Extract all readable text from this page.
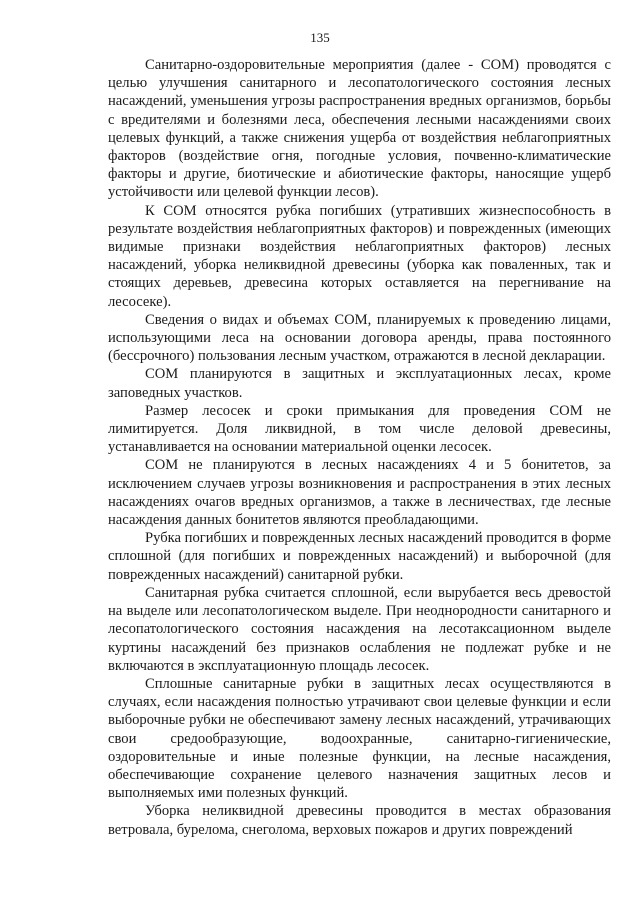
135

Санитарно-оздоровительные мероприятия (далее - СОМ) проводятся с целью улучшения санитарного и лесопатологического состояния лесных насаждений, уменьшения угрозы распространения вредных организмов, борьбы с вредителями и болезнями леса, обеспечения лесными насаждениями своих целевых функций, а также снижения ущерба от воздействия неблагоприятных факторов (воздействие огня, погодные условия, почвенно-климатические факторы и другие, биотические и абиотические факторы, наносящие ущерб устойчивости или целевой функции лесов).

К СОМ относятся рубка погибших (утративших жизнеспособность в результате воздействия неблагоприятных факторов) и поврежденных (имеющих видимые признаки воздействия неблагоприятных факторов) лесных насаждений, уборка неликвидной древесины (уборка как поваленных, так и стоящих деревьев, древесина которых оставляется на перегнивание на лесосеке).

Сведения о видах и объемах СОМ, планируемых к проведению лицами, использующими леса на основании договора аренды, права постоянного (бессрочного) пользования лесным участком, отражаются в лесной декларации.

СОМ планируются в защитных и эксплуатационных лесах, кроме заповедных участков.

Размер лесосек и сроки примыкания для проведения СОМ не лимитируется. Доля ликвидной, в том числе деловой древесины, устанавливается на основании материальной оценки лесосек.

СОМ не планируются в лесных насаждениях 4 и 5 бонитетов, за исключением случаев угрозы возникновения и распространения в этих лесных насаждениях очагов вредных организмов, а также в лесничествах, где лесные насаждения данных бонитетов являются преобладающими.

Рубка погибших и поврежденных лесных насаждений проводится в форме сплошной (для погибших и поврежденных насаждений) и выборочной (для поврежденных насаждений) санитарной рубки.

Санитарная рубка считается сплошной, если вырубается весь древостой на выделе или лесопатологическом выделе. При неоднородности санитарного и лесопатологического состояния насаждения на лесотаксационном выделе куртины насаждений без признаков ослабления не подлежат рубке и не включаются в эксплуатационную площадь лесосек.

Сплошные санитарные рубки в защитных лесах осуществляются в случаях, если насаждения полностью утрачивают свои целевые функции и если выборочные рубки не обеспечивают замену лесных насаждений, утрачивающих свои средообразующие, водоохранные, санитарно-гигиенические, оздоровительные и иные полезные функции, на лесные насаждения, обеспечивающие сохранение целевого назначения защитных лесов и выполняемых ими полезных функций.

Уборка неликвидной древесины проводится в местах образования ветровала, бурелома, снеголома, верховых пожаров и других повреждений
